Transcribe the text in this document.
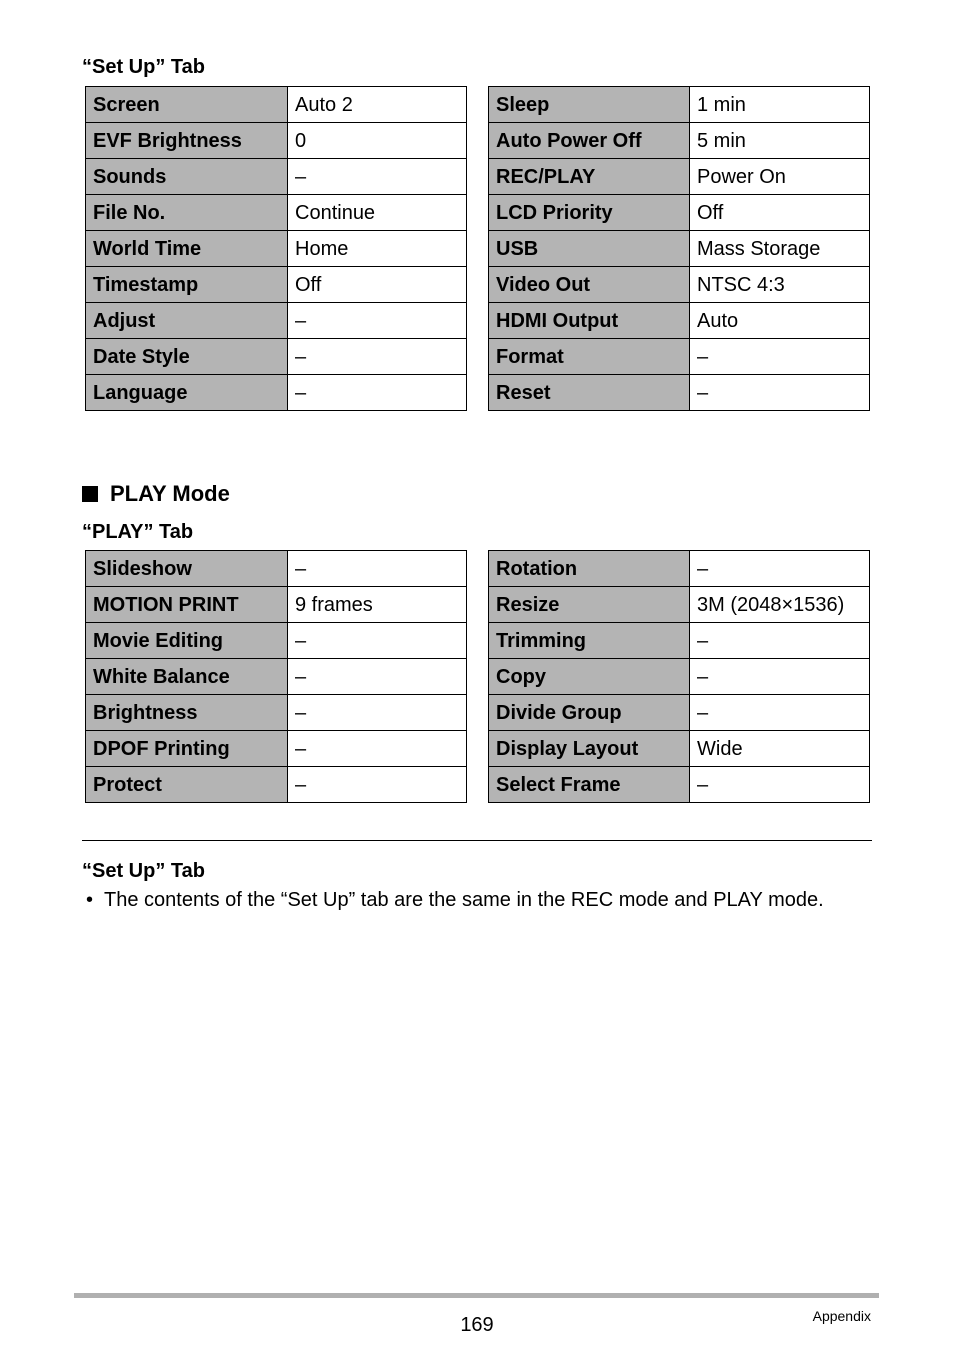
“Set Up” Tab
Screen	Auto 2
EVF Brightness	0
Sounds	–
File No.	Continue
World Time	Home
Timestamp	Off
Adjust	–
Date Style	–
Language	–
Sleep	1 min
Auto Power Off	5 min
REC/PLAY	Power On
LCD Priority	Off
USB	Mass Storage
Video Out	NTSC 4:3
HDMI Output	Auto
Format	–
Reset	–
PLAY Mode
“PLAY” Tab
Slideshow	–
MOTION PRINT	9 frames
Movie Editing	–
White Balance	–
Brightness	–
DPOF Printing	–
Protect	–
Rotation	–
Resize	3M (2048×1536)
Trimming	–
Copy	–
Divide Group	–
Display Layout	Wide
Select Frame	–
“Set Up” Tab
• The contents of the “Set Up” tab are the same in the REC mode and PLAY mode.
169	Appendix
